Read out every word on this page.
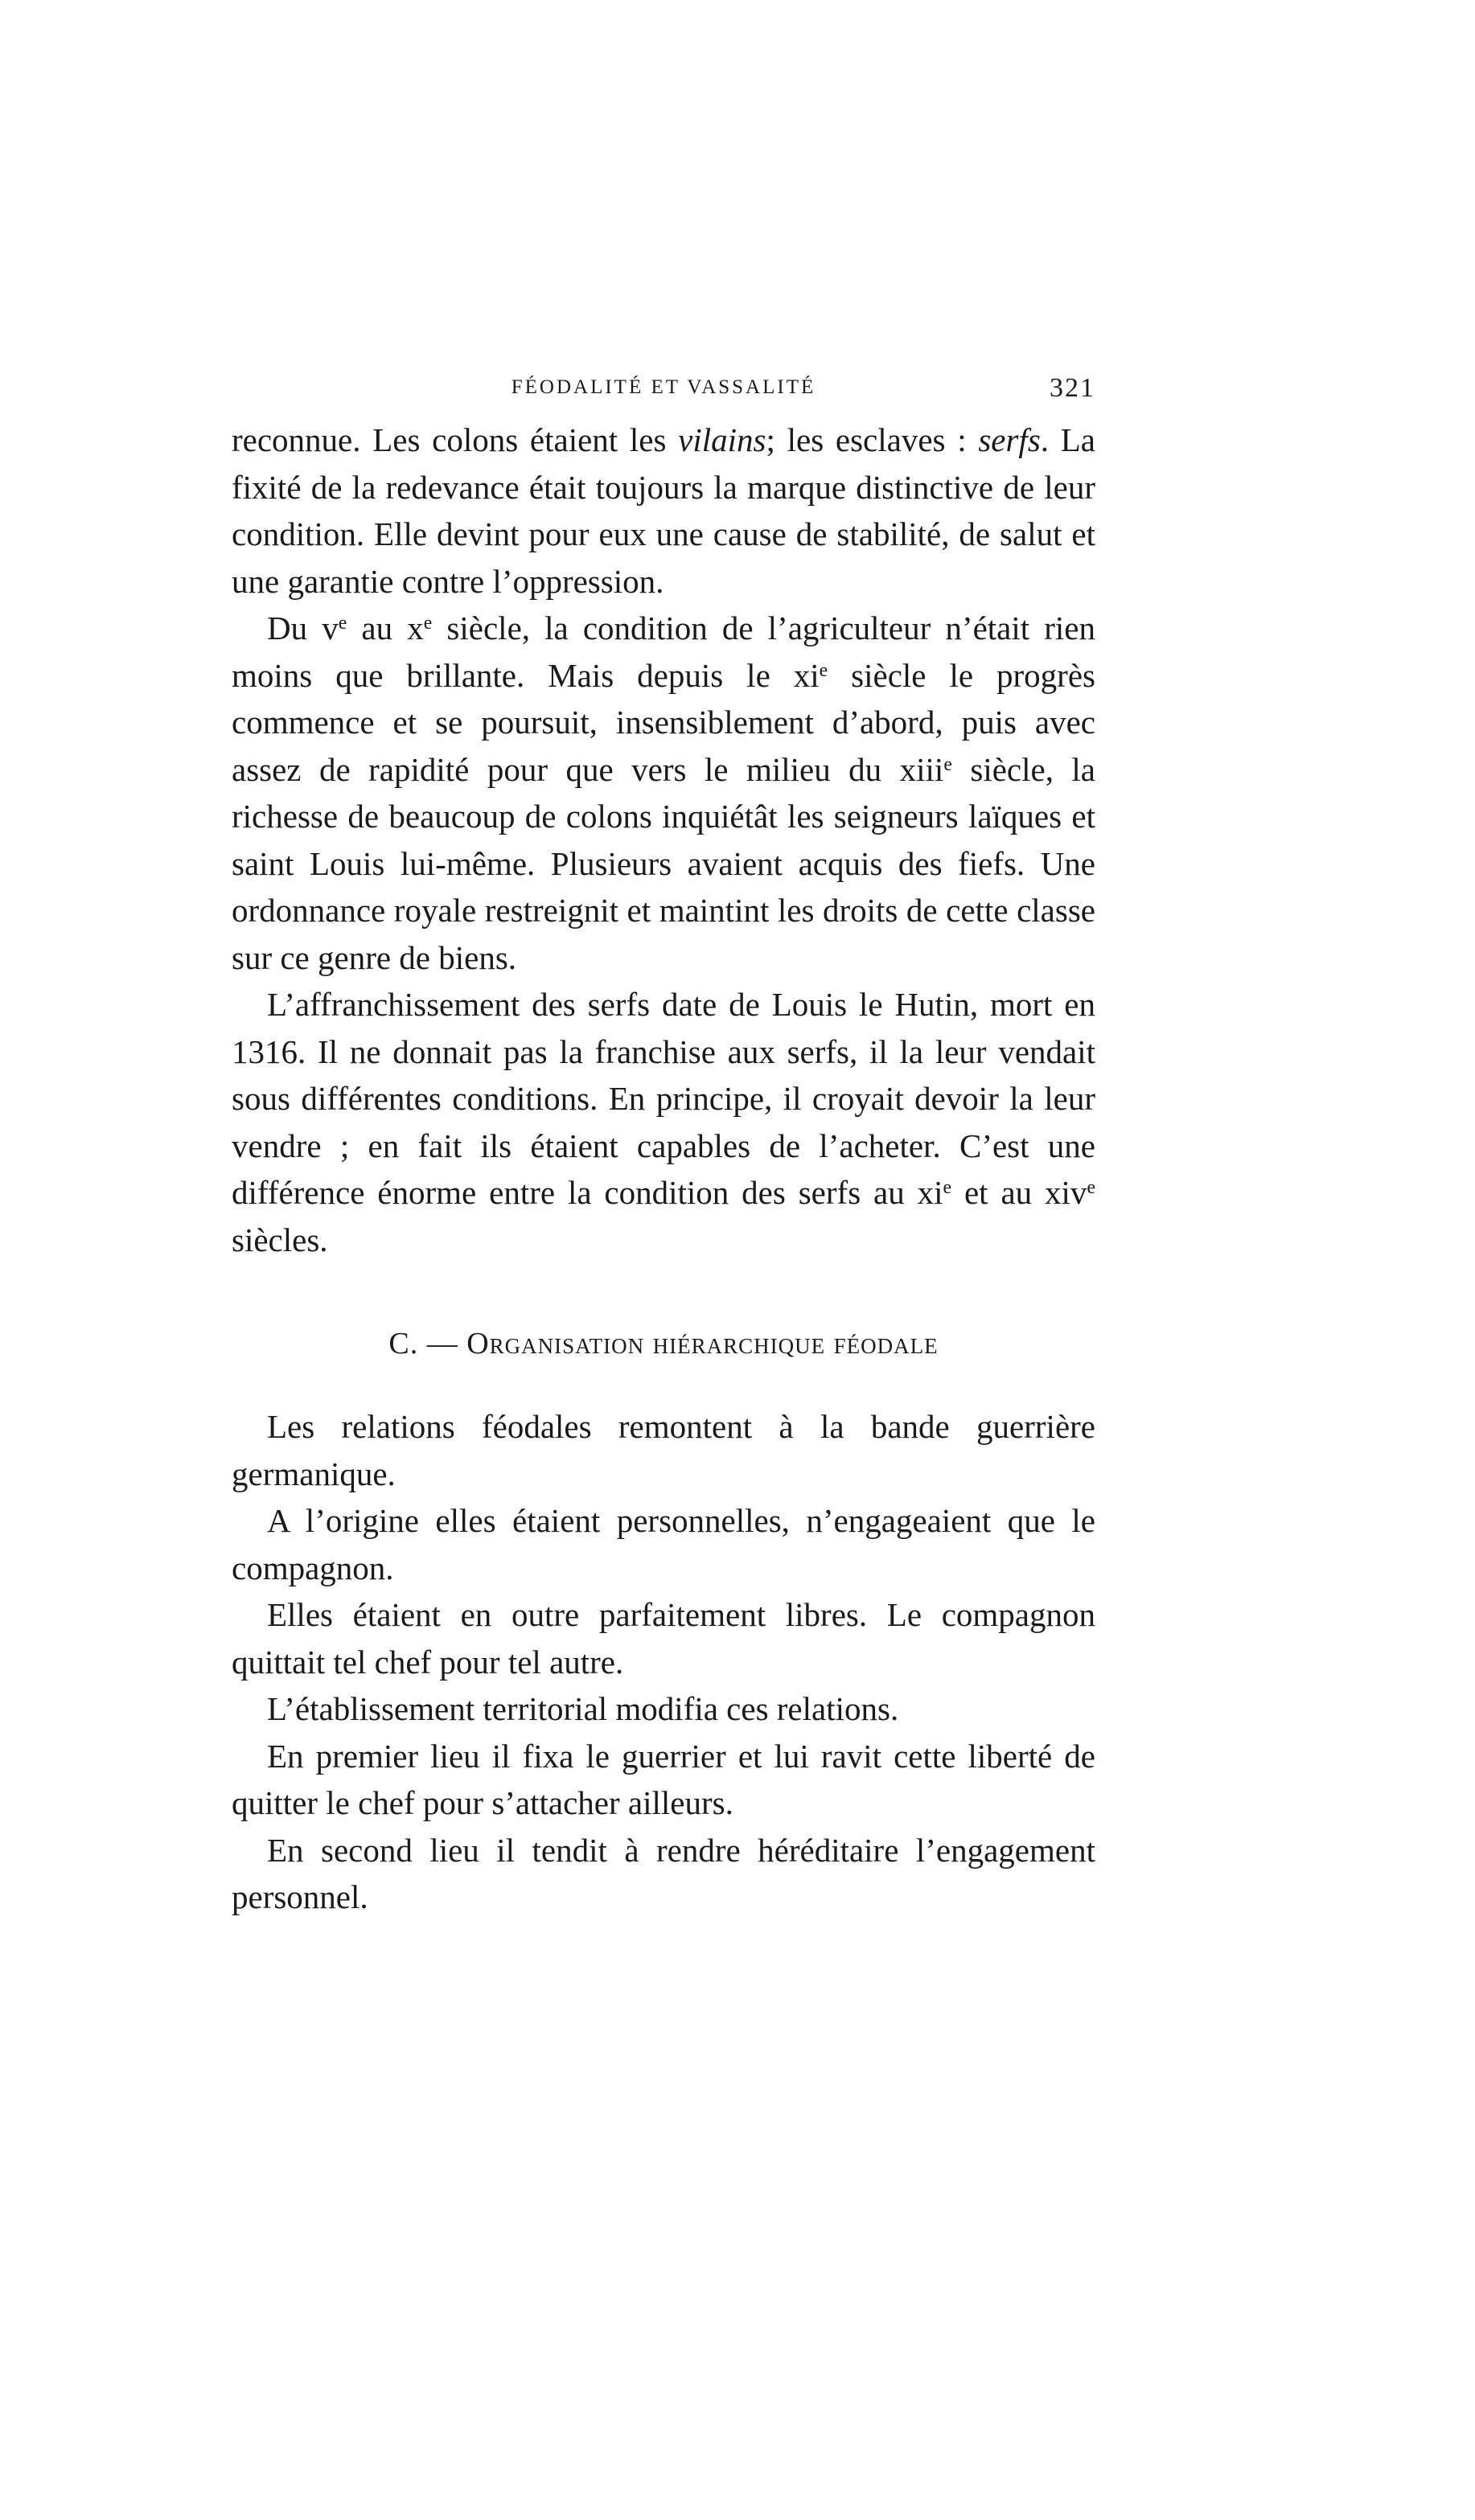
FÉODALITÉ ET VASSALITÉ	321

reconnue. Les colons étaient les vilains; les esclaves : serfs. La fixité de la redevance était toujours la marque distinctive de leur condition. Elle devint pour eux une cause de stabilité, de salut et une garantie contre l’oppression.

Du $v^e$ au $x^e$ siècle, la condition de l’agriculteur n’était rien moins que brillante. Mais depuis le $xi^e$ siècle le progrès commence et se poursuit, insensiblement d’abord, puis avec assez de rapidité pour que vers le milieu du xiii$^e$ siècle, la richesse de beaucoup de colons inquiétât les seigneurs laïques et saint Louis lui-même. Plusieurs avaient acquis des fiefs. Une ordonnance royale restreignit et maintint les droits de cette classe sur ce genre de biens.

L’affranchissement des serfs date de Louis le Hutin, mort en 1316. Il ne donnait pas la franchise aux serfs, il la leur vendait sous différentes conditions. En principe, il croyait devoir la leur vendre ; en fait ils étaient capables de l’acheter. C’est une différence énorme entre la condition des serfs au $xi^e$ et au xiv$^e$ siècles.

C. — Organisation hiérarchique féodale

Les relations féodales remontent à la bande guerrière germanique.

A l’origine elles étaient personnelles, n’engageaient que le compagnon.

Elles étaient en outre parfaitement libres. Le compagnon quittait tel chef pour tel autre.

L’établissement territorial modifia ces relations.

En premier lieu il fixa le guerrier et lui ravit cette liberté de quitter le chef pour s’attacher ailleurs.

En second lieu il tendit à rendre héréditaire l’engagement personnel.
